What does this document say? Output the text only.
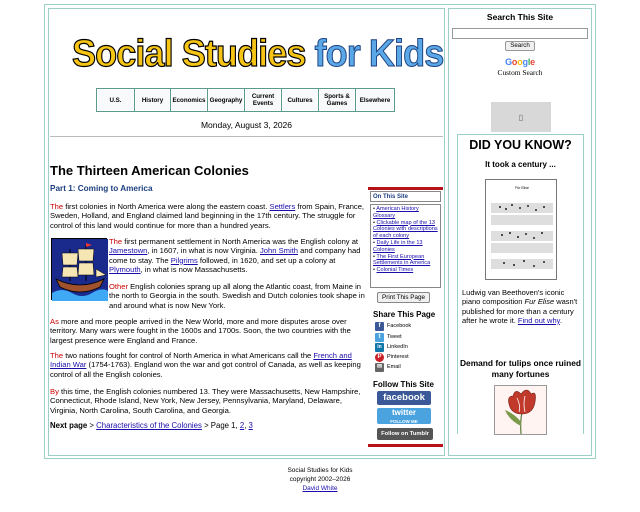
Social Studies for Kids
U.S.	History	Economics Geography	Current Events	Cultures	Sports & Games	Elsewhere
Monday, August 3, 2026
The Thirteen American Colonies
Part 1: Coming to America
The first colonies in North America were along the eastern coast. Settlers from Spain, France, Sweden, Holland, and England claimed land beginning in the 17th century. The struggle for control of this land would continue for more than a hundred years.
The first permanent settlement in North America was the English colony at Jamestown, in 1607, in what is now Virginia. John Smith and company had come to stay. The Pilgrims followed, in 1620, and set up a colony at Plymouth, in what is now Massachusetts.
Other English colonies sprang up all along the Atlantic coast, from Maine in the north to Georgia in the south. Swedish and Dutch colonies took shape in and around what is now New York.
As more and more people arrived in the New World, more and more disputes arose over territory. Many wars were fought in the 1600s and 1700s. Soon, the two countries with the largest presence were England and France.
The two nations fought for control of North America in what Americans call the French and Indian War (1754-1763). England won the war and got control of Canada, as well as keeping control of all the English colonies.
By this time, the English colonies numbered 13. They were Massachusetts, New Hampshire, Connecticut, Rhode Island, New York, New Jersey, Pennsylvania, Maryland, Delaware, Virginia, North Carolina, South Carolina, and Georgia.
Next page > Characteristics of the Colonies > Page 1, 2, 3
On This Site
• American History Glossary
• Clickable map of the 13 Colonies with descriptions of each colony
• Daily Life in the 13 Colonies
• The First European Settlements in America
• Colonial Times
Print This Page
Share This Page
f	Facebook
t	Tweet
in LinkedIn
P	Pinterest
✉ Email
Follow This Site
facebook
twitter
FOLLOW ME
Follow on Tumblr
Search This Site
Search
Google
Custom Search
▯
DID YOU KNOW?
It took a century ...
Für Elise
Ludwig van Beethoven's iconic piano composition Fur Elise wasn't published for more than a century after he wrote it. Find out why.
Demand for tulips once ruined many fortunes
Social Studies for Kids
copyright 2002–2026
David White
